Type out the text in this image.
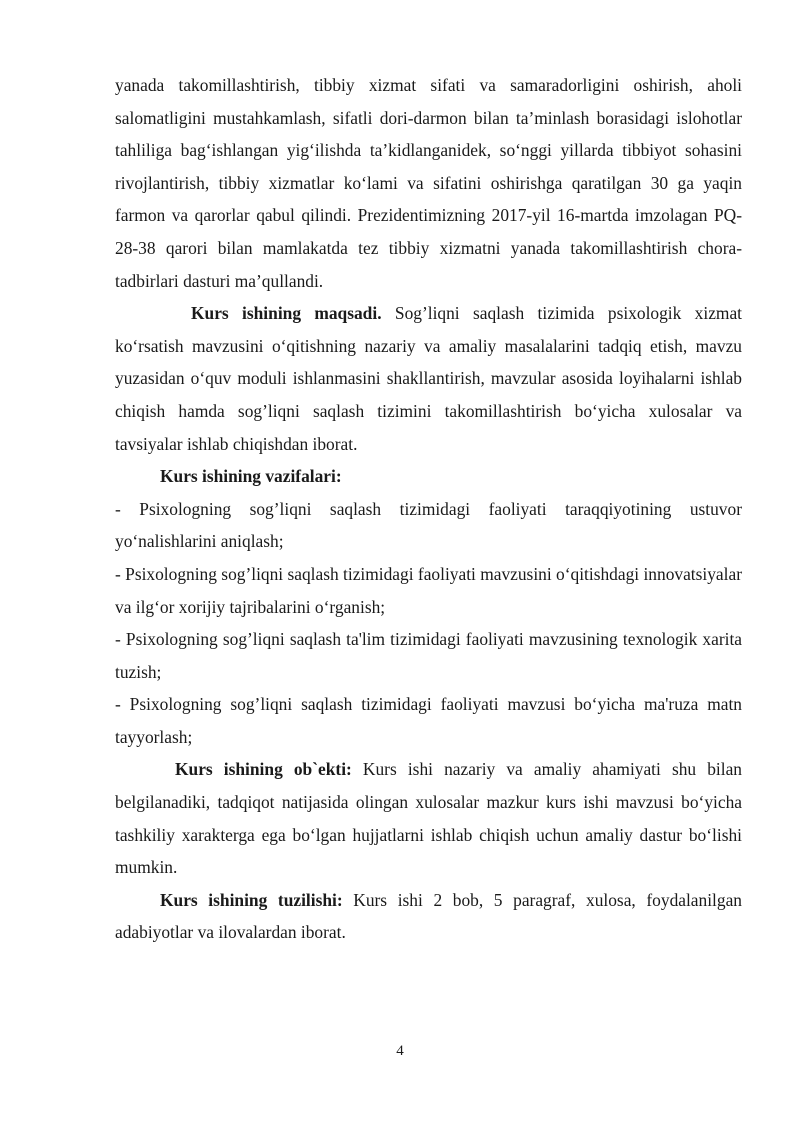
yanada takomillashtirish, tibbiy xizmat sifati va samaradorligini oshirish, aholi salomatligini mustahkamlash, sifatli dori-darmon bilan ta’minlash borasidagi islohotlar tahliliga bag‘ishlangan yig‘ilishda ta’kidlanganidek, so‘nggi yillarda tibbiyot sohasini rivojlantirish, tibbiy xizmatlar ko‘lami va sifatini oshirishga qaratilgan 30 ga yaqin farmon va qarorlar qabul qilindi. Prezidentimizning 2017-yil 16-martda imzolagan PQ-28-38 qarori bilan mamlakatda tez tibbiy xizmatni yanada takomillashtirish chora-tadbirlari dasturi ma’qullandi.

Kurs ishining maqsadi. Sog’liqni saqlash tizimida psixologik xizmat ko‘rsatish mavzusini o‘qitishning nazariy va amaliy masalalarini tadqiq etish, mavzu yuzasidan o‘quv moduli ishlanmasini shakllantirish, mavzular asosida loyihalarni ishlab chiqish hamda sog’liqni saqlash tizimini takomillashtirish bo‘yicha xulosalar va tavsiyalar ishlab chiqishdan iborat.

Kurs ishining vazifalari:

- Psixologning sog’liqni saqlash tizimidagi faoliyati taraqqiyotining ustuvor yo‘nalishlarini aniqlash;

- Psixologning sog’liqni saqlash tizimidagi faoliyati mavzusini o‘qitishdagi innovatsiyalar va ilg‘or xorijiy tajribalarini o‘rganish;

- Psixologning sog’liqni saqlash ta'lim tizimidagi faoliyati mavzusining texnologik xarita tuzish;

- Psixologning sog’liqni saqlash tizimidagi faoliyati mavzusi bo‘yicha ma'ruza matn tayyorlash;

Kurs ishining ob`ekti: Kurs ishi nazariy va amaliy ahamiyati shu bilan belgilanadiki, tadqiqot natijasida olingan xulosalar mazkur kurs ishi mavzusi bo‘yicha tashkiliy xarakterga ega bo‘lgan hujjatlarni ishlab chiqish uchun amaliy dastur bo‘lishi mumkin.

Kurs ishining tuzilishi: Kurs ishi 2 bob, 5 paragraf, xulosa, foydalanilgan adabiyotlar va ilovalardan iborat.

4
